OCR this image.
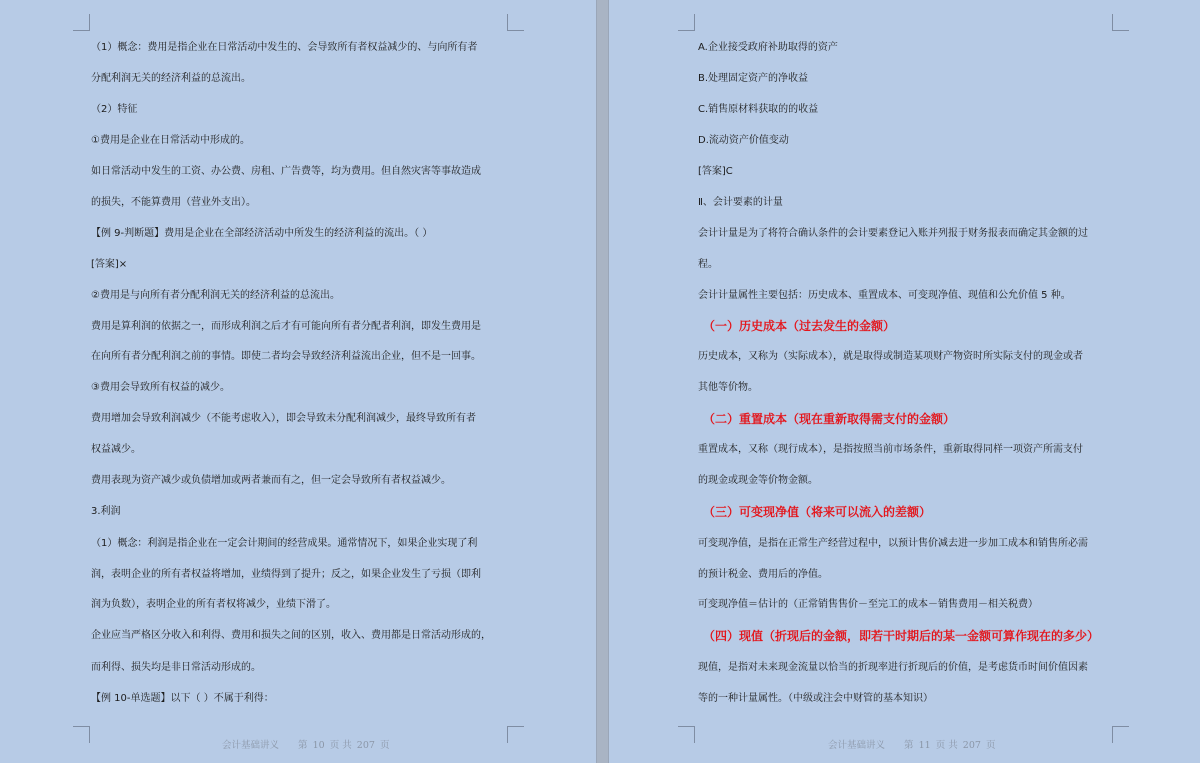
（1）概念：费用是指企业在日常活动中发生的、会导致所有者权益减少的、与向所有者
分配利润无关的经济利益的总流出。
（2）特征
①费用是企业在日常活动中形成的。
如日常活动中发生的工资、办公费、房租、广告费等，均为费用。但自然灾害等事故造成
的损失，不能算费用（营业外支出）。
【例 9-判断题】费用是企业在全部经济活动中所发生的经济利益的流出。（ ）
[答案]×
②费用是与向所有者分配利润无关的经济利益的总流出。
费用是算利润的依据之一，而形成利润之后才有可能向所有者分配者利润，即发生费用是
在向所有者分配利润之前的事情。即使二者均会导致经济利益流出企业，但不是一回事。
③费用会导致所有权益的减少。
费用增加会导致利润减少（不能考虑收入），即会导致未分配利润减少，最终导致所有者
权益减少。
费用表现为资产减少或负债增加或两者兼而有之，但一定会导致所有者权益减少。
3.利润
（1）概念：利润是指企业在一定会计期间的经营成果。通常情况下，如果企业实现了利
润，表明企业的所有者权益将增加，业绩得到了提升；反之，如果企业发生了亏损（即利
润为负数），表明企业的所有者权将减少，业绩下滑了。
企业应当严格区分收入和利得、费用和损失之间的区别，收入、费用都是日常活动形成的，
而利得、损失均是非日常活动形成的。
【例 10-单选题】以下（ ）不属于利得：
会计基础讲义 第 10 页 共 207 页
A.企业接受政府补助取得的资产
B.处理固定资产的净收益
C.销售原材料获取的的收益
D.流动资产价值变动
[答案]C
Ⅱ、会计要素的计量
会计计量是为了将符合确认条件的会计要素登记入账并列报于财务报表而确定其金额的过
程。
会计计量属性主要包括：历史成本、重置成本、可变现净值、现值和公允价值 5 种。
（一）历史成本（过去发生的金额）
历史成本，又称为（实际成本），就是取得或制造某项财产物资时所实际支付的现金或者
其他等价物。
（二）重置成本（现在重新取得需支付的金额）
重置成本，又称（现行成本），是指按照当前市场条件，重新取得同样一项资产所需支付
的现金或现金等价物金额。
（三）可变现净值（将来可以流入的差额）
可变现净值，是指在正常生产经营过程中，以预计售价减去进一步加工成本和销售所必需
的预计税金、费用后的净值。
可变现净值＝估计的（正常销售售价－至完工的成本－销售费用－相关税费）
（四）现值（折现后的金额，即若干时期后的某一金额可算作现在的多少）
现值，是指对未来现金流量以恰当的折现率进行折现后的价值，是考虑货币时间价值因素
等的一种计量属性。（中级或注会中财管的基本知识）
会计基础讲义 第 11 页 共 207 页
